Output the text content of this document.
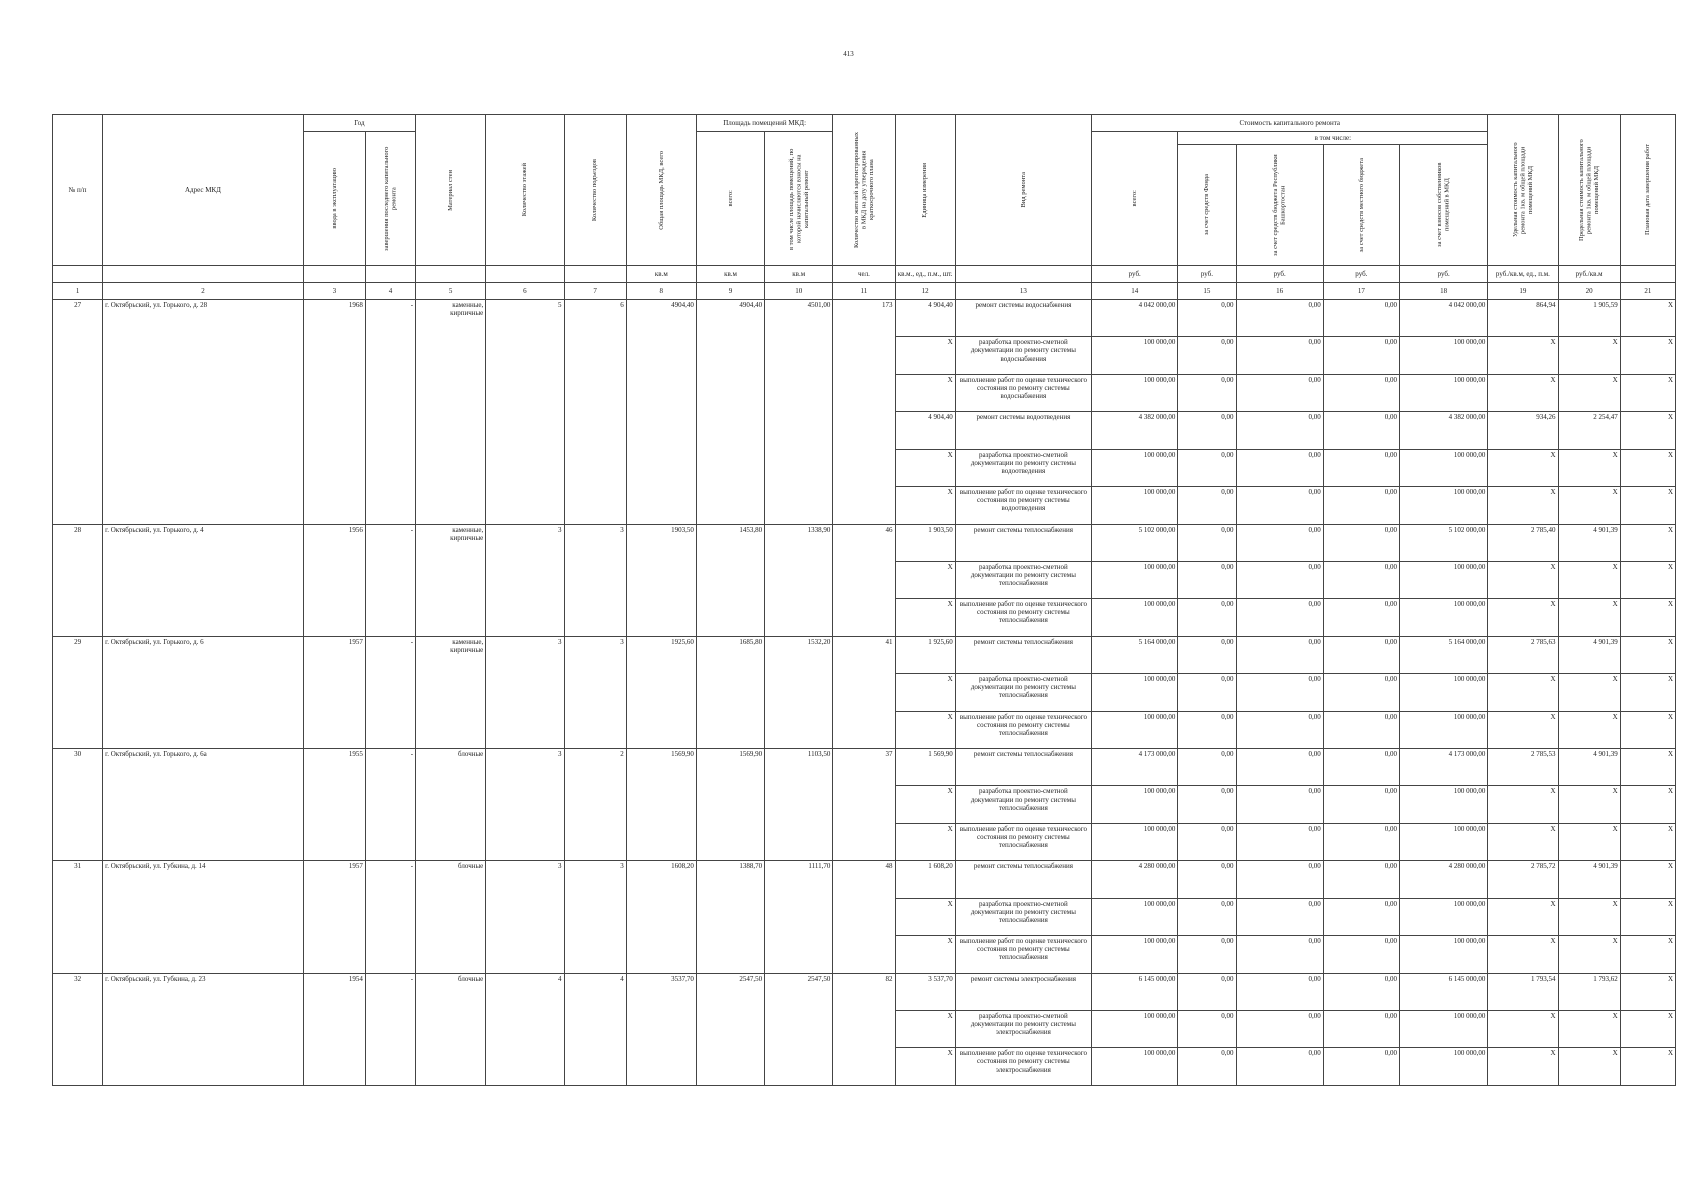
413
№ п/п	Адрес МКД	Год		Материал стен	Количество этажей	Количество подъездов	Общая площадь МКД, всего	Площадь помещений МКД:		Количество жителей зарегистрированных в МКД на дату утверждения краткосрочного плана	Единица измерения	Вид ремонта	Стоимость капитального ремонта					Удельная стоимость капитального ремонта 1кв. м общей площади помещений МКД	Предельная стоимость капитального ремонта 1кв. м общей площади помещений МКД	Плановая дата завершения работ

		ввода в эксплуатацию	завершения последнего капитального ремонта					всего:	в том числе площадь помещений, по которой начисляются взносы на капитальный ремонт				всего:	в том числе:						

														за счет средств Фонда	за счет средств бюджета Республики Башкортостан	за счет средств местного бюджета	за счет взносов собственников помещений в МКД			

							кв.м	кв.м	кв.м	чел.	кв.м., ед., п.м., шт.		руб.	руб.	руб.	руб.	руб.	руб./кв.м, ед., п.м.	руб./кв.м	
1	2	3	4	5	6	7	8	9	10	11	12	13	14	15	16	17	18	19	20	21
27	г. Октябрьский, ул. Горького, д. 28	1968	-	каменные, кирпичные	5	6	4904,40	4904,40	4501,00	173	4 904,40	ремонт системы водоснабжения	4 042 000,00	0,00	0,00	0,00	4 042 000,00	864,94	1 905,59	X
											X	разработка проектно-сметной документации по ремонту системы водоснабжения	100 000,00	0,00	0,00	0,00	100 000,00	X	X	X
											X	выполнение работ по оценке технического состояния по ремонту системы водоснабжения	100 000,00	0,00	0,00	0,00	100 000,00	X	X	X
											4 904,40	ремонт системы водоотведения	4 382 000,00	0,00	0,00	0,00	4 382 000,00	934,26	2 254,47	X
											X	разработка проектно-сметной документации по ремонту системы водоотведения	100 000,00	0,00	0,00	0,00	100 000,00	X	X	X
											X	выполнение работ по оценке технического состояния по ремонту системы водоотведения	100 000,00	0,00	0,00	0,00	100 000,00	X	X	X
28	г. Октябрьский, ул. Горького, д. 4	1956	-	каменные, кирпичные	3	3	1903,50	1453,80	1338,90	46	1 903,50	ремонт системы теплоснабжения	5 102 000,00	0,00	0,00	0,00	5 102 000,00	2 785,40	4 901,39	X
											X	разработка проектно-сметной документации по ремонту системы теплоснабжения	100 000,00	0,00	0,00	0,00	100 000,00	X	X	X
											X	выполнение работ по оценке технического состояния по ремонту системы теплоснабжения	100 000,00	0,00	0,00	0,00	100 000,00	X	X	X
29	г. Октябрьский, ул. Горького, д. 6	1957	-	каменные, кирпичные	3	3	1925,60	1685,80	1532,20	41	1 925,60	ремонт системы теплоснабжения	5 164 000,00	0,00	0,00	0,00	5 164 000,00	2 785,63	4 901,39	X
											X	разработка проектно-сметной документации по ремонту системы теплоснабжения	100 000,00	0,00	0,00	0,00	100 000,00	X	X	X
											X	выполнение работ по оценке технического состояния по ремонту системы теплоснабжения	100 000,00	0,00	0,00	0,00	100 000,00	X	X	X
30	г. Октябрьский, ул. Горького, д. 6а	1955	-	блочные	3	2	1569,90	1569,90	1103,50	37	1 569,90	ремонт системы теплоснабжения	4 173 000,00	0,00	0,00	0,00	4 173 000,00	2 785,53	4 901,39	X
											X	разработка проектно-сметной документации по ремонту системы теплоснабжения	100 000,00	0,00	0,00	0,00	100 000,00	X	X	X
											X	выполнение работ по оценке технического состояния по ремонту системы теплоснабжения	100 000,00	0,00	0,00	0,00	100 000,00	X	X	X
31	г. Октябрьский, ул. Губкина, д. 14	1957	-	блочные	3	3	1608,20	1388,70	1111,70	48	1 608,20	ремонт системы теплоснабжения	4 280 000,00	0,00	0,00	0,00	4 280 000,00	2 785,72	4 901,39	X
											X	разработка проектно-сметной документации по ремонту системы теплоснабжения	100 000,00	0,00	0,00	0,00	100 000,00	X	X	X
											X	выполнение работ по оценке технического состояния по ремонту системы теплоснабжения	100 000,00	0,00	0,00	0,00	100 000,00	X	X	X
32	г. Октябрьский, ул. Губкина, д. 23	1954	-	блочные	4	4	3537,70	2547,50	2547,50	82	3 537,70	ремонт системы электроснабжения	6 145 000,00	0,00	0,00	0,00	6 145 000,00	1 793,54	1 793,62	X
											X	разработка проектно-сметной документации по ремонту системы электроснабжения	100 000,00	0,00	0,00	0,00	100 000,00	X	X	X
											X	выполнение работ по оценке технического состояния по ремонту системы электроснабжения	100 000,00	0,00	0,00	0,00	100 000,00	X	X	X
